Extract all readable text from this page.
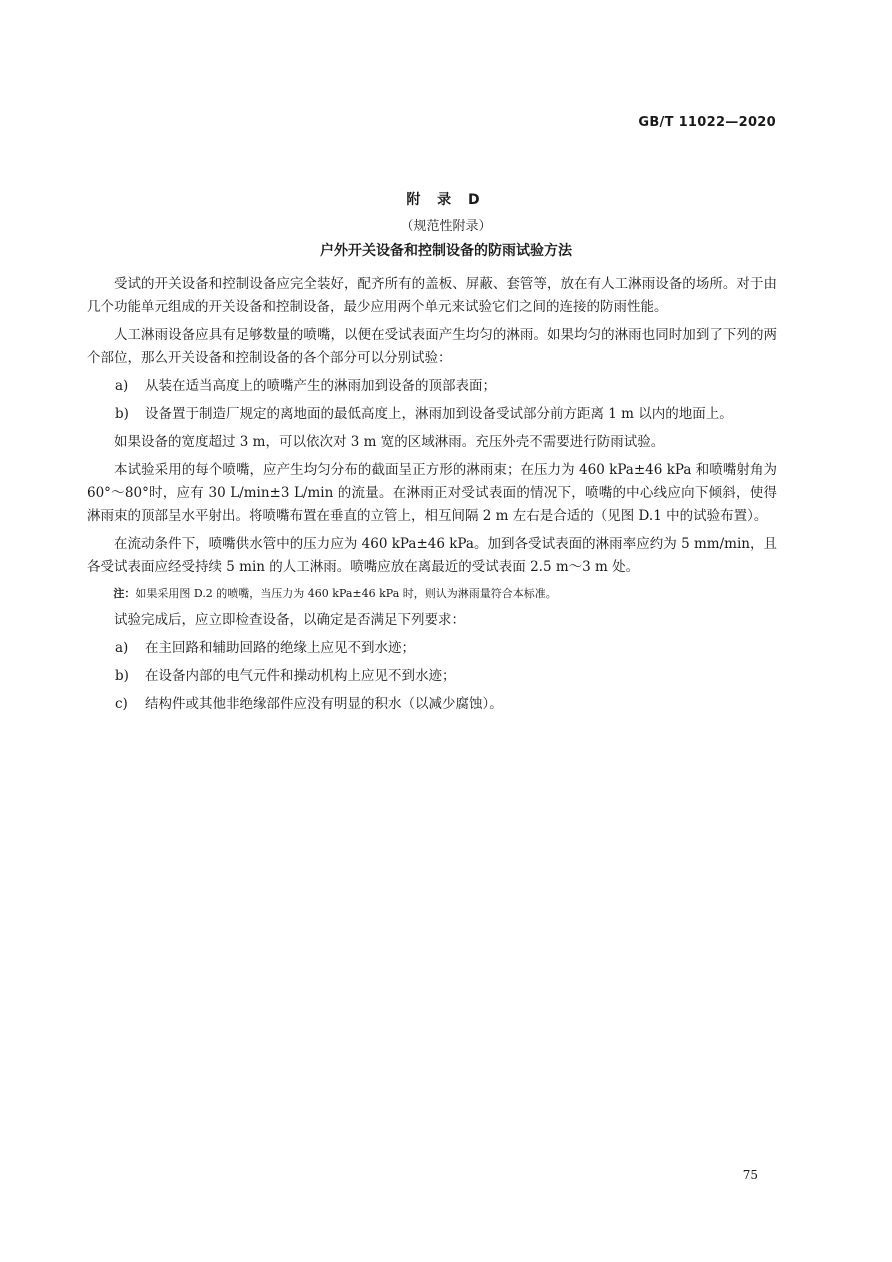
GB/T 11022—2020
附 录 D
（规范性附录）
户外开关设备和控制设备的防雨试验方法

受试的开关设备和控制设备应完全装好，配齐所有的盖板、屏蔽、套管等，放在有人工淋雨设备的场所。对于由几个功能单元组成的开关设备和控制设备，最少应用两个单元来试验它们之间的连接的防雨性能。

人工淋雨设备应具有足够数量的喷嘴，以便在受试表面产生均匀的淋雨。如果均匀的淋雨也同时加到了下列的两个部位，那么开关设备和控制设备的各个部分可以分别试验：

a)	从装在适当高度上的喷嘴产生的淋雨加到设备的顶部表面；
b)	设备置于制造厂规定的离地面的最低高度上，淋雨加到设备受试部分前方距离 1 m 以内的地面上。

如果设备的宽度超过 3 m，可以依次对 3 m 宽的区域淋雨。充压外壳不需要进行防雨试验。

本试验采用的每个喷嘴，应产生均匀分布的截面呈正方形的淋雨束；在压力为 460 kPa±46 kPa 和喷嘴射角为 60°～80°时，应有 30 L/min±3 L/min 的流量。在淋雨正对受试表面的情况下，喷嘴的中心线应向下倾斜，使得淋雨束的顶部呈水平射出。将喷嘴布置在垂直的立管上，相互间隔 2 m 左右是合适的（见图 D.1 中的试验布置）。

在流动条件下，喷嘴供水管中的压力应为 460 kPa±46 kPa。加到各受试表面的淋雨率应约为 5 mm/min，且各受试表面应经受持续 5 min 的人工淋雨。喷嘴应放在离最近的受试表面 2.5 m～3 m 处。

注：如果采用图 D.2 的喷嘴，当压力为 460 kPa±46 kPa 时，则认为淋雨量符合本标准。

试验完成后，应立即检查设备，以确定是否满足下列要求：

a)	在主回路和辅助回路的绝缘上应见不到水迹；
b)	在设备内部的电气元件和操动机构上应见不到水迹；
c)	结构件或其他非绝缘部件应没有明显的积水（以减少腐蚀）。
75
